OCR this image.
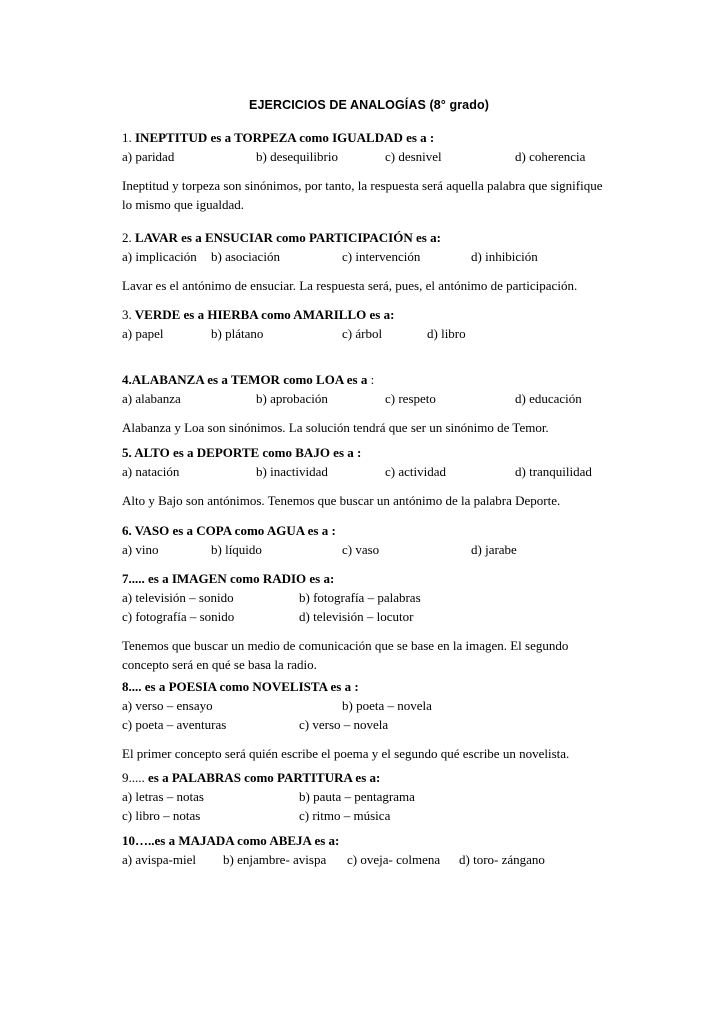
EJERCICIOS DE ANALOGÍAS (8° grado)
1. INEPTITUD es a TORPEZA como IGUALDAD es a :
a) paridad	b) desequilibrio	c) desnivel	d) coherencia
Ineptitud y torpeza son sinónimos, por tanto, la respuesta será aquella palabra que signifique
lo mismo que igualdad.
2. LAVAR es a ENSUCIAR como PARTICIPACIÓN es a:
a) implicación b) asociación	c) intervención	d) inhibición
Lavar es el antónimo de ensuciar. La respuesta será, pues, el antónimo de participación.
3. VERDE es a HIERBA como AMARILLO es a:
a) papel	b) plátano	c) árbol	d) libro
4.ALABANZA es a TEMOR como LOA es a :
a) alabanza	b) aprobación	c) respeto	d) educación
Alabanza y Loa son sinónimos. La solución tendrá que ser un sinónimo de Temor.
5. ALTO es a DEPORTE como BAJO es a :
a) natación	b) inactividad	c) actividad	d) tranquilidad
Alto y Bajo son antónimos. Tenemos que buscar un antónimo de la palabra Deporte.
6. VASO es a COPA como AGUA es a :
a) vino	b) líquido	c) vaso	d) jarabe
7..... es a IMAGEN como RADIO es a:
a) televisión – sonido	b) fotografía – palabras
c) fotografía – sonido	d) televisión – locutor
Tenemos que buscar un medio de comunicación que se base en la imagen. El segundo
concepto será en qué se basa la radio.
8.... es a POESIA como NOVELISTA es a :
a) verso – ensayo	b) poeta – novela
c) poeta – aventuras	c) verso – novela
El primer concepto será quién escribe el poema y el segundo qué escribe un novelista.
9..... es a PALABRAS como PARTITURA es a:
a) letras – notas	b) pauta – pentagrama
c) libro – notas	c) ritmo – música
10…..es a MAJADA como ABEJA es a:
a) avispa-miel b) enjambre- avispa c) oveja- colmena d) toro- zángano
